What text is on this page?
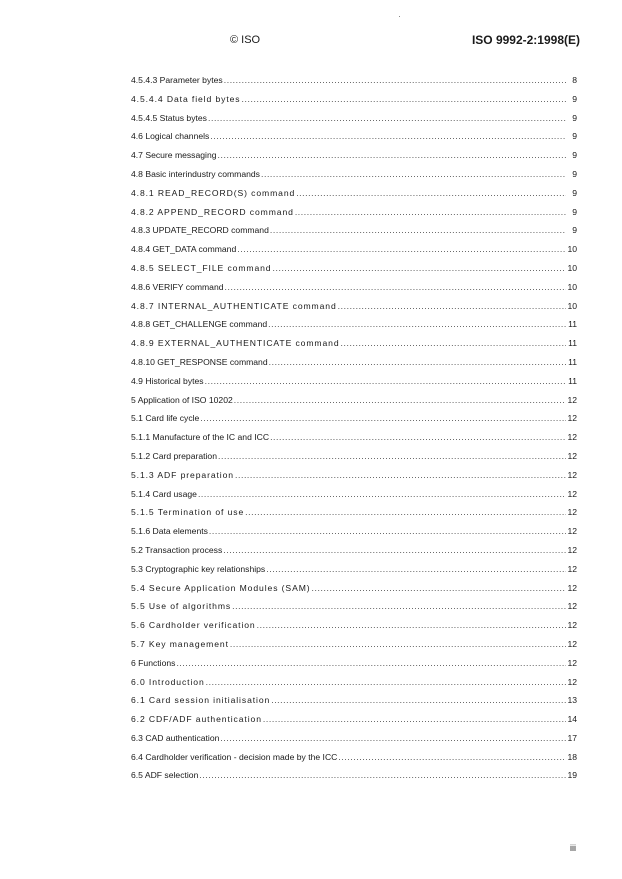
© ISO	ISO 9992-2:1998(E)
4.5.4.3 Parameter bytes .....	8
4.5.4.4 Data field bytes .....	9
4.5.4.5 Status bytes .....	9
4.6 Logical channels .....	9
4.7 Secure messaging .....	9
4.8 Basic interindustry commands .....	9
4.8.1 READ_RECORD(S) command .....	9
4.8.2 APPEND_RECORD command .....	9
4.8.3 UPDATE_RECORD command .....	9
4.8.4 GET_DATA command .....	10
4.8.5 SELECT_FILE command .....	10
4.8.6 VERIFY command .....	10
4.8.7 INTERNAL_AUTHENTICATE command .....	10
4.8.8 GET_CHALLENGE command .....	11
4.8.9 EXTERNAL_AUTHENTICATE command .....	11
4.8.10 GET_RESPONSE command .....	11
4.9 Historical bytes .....	11
5 Application of ISO 10202 .....	12
5.1 Card life cycle .....	12
5.1.1 Manufacture of the IC and ICC .....	12
5.1.2 Card preparation .....	12
5.1.3 ADF preparation .....	12
5.1.4 Card usage .....	12
5.1.5 Termination of use .....	12
5.1.6 Data elements .....	12
5.2 Transaction process .....	12
5.3 Cryptographic key relationships .....	12
5.4 Secure Application Modules (SAM) .....	12
5.5 Use of algorithms .....	12
5.6 Cardholder verification .....	12
5.7 Key management .....	12
6 Functions .....	12
6.0 Introduction .....	12
6.1 Card session initialisation .....	13
6.2 CDF/ADF authentication .....	14
6.3 CAD authentication .....	17
6.4 Cardholder verification - decision made by the ICC .....	18
6.5 ADF selection .....	19
iii
